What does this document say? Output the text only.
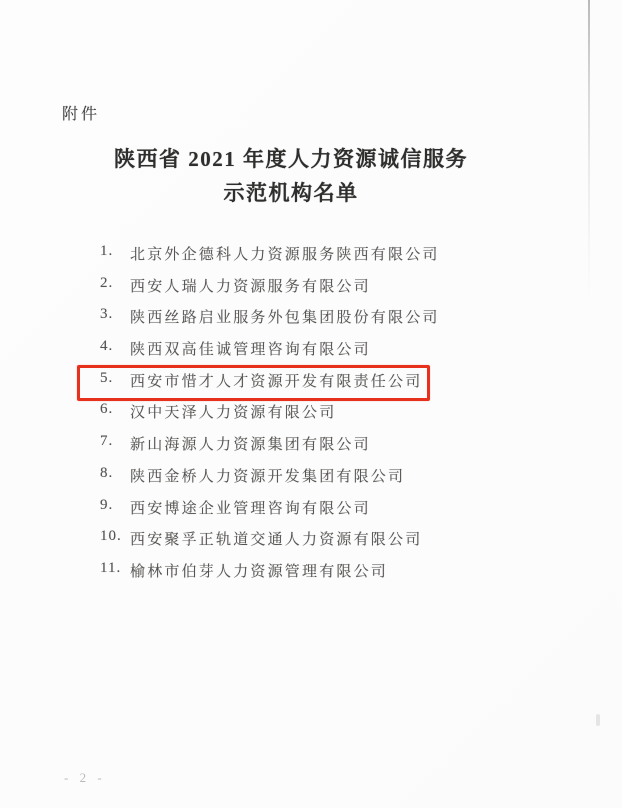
附件
陕西省 2021 年度人力资源诚信服务
示范机构名单
1.	北京外企德科人力资源服务陕西有限公司
2.	西安人瑞人力资源服务有限公司
3.	陕西丝路启业服务外包集团股份有限公司
4.	陕西双高佳诚管理咨询有限公司
5.	西安市惜才人才资源开发有限责任公司
6.	汉中天泽人力资源有限公司
7.	新山海源人力资源集团有限公司
8.	陕西金桥人力资源开发集团有限公司
9.	西安博途企业管理咨询有限公司
10. 西安聚孚正轨道交通人力资源有限公司
11. 榆林市伯芽人力资源管理有限公司
- 2 -
